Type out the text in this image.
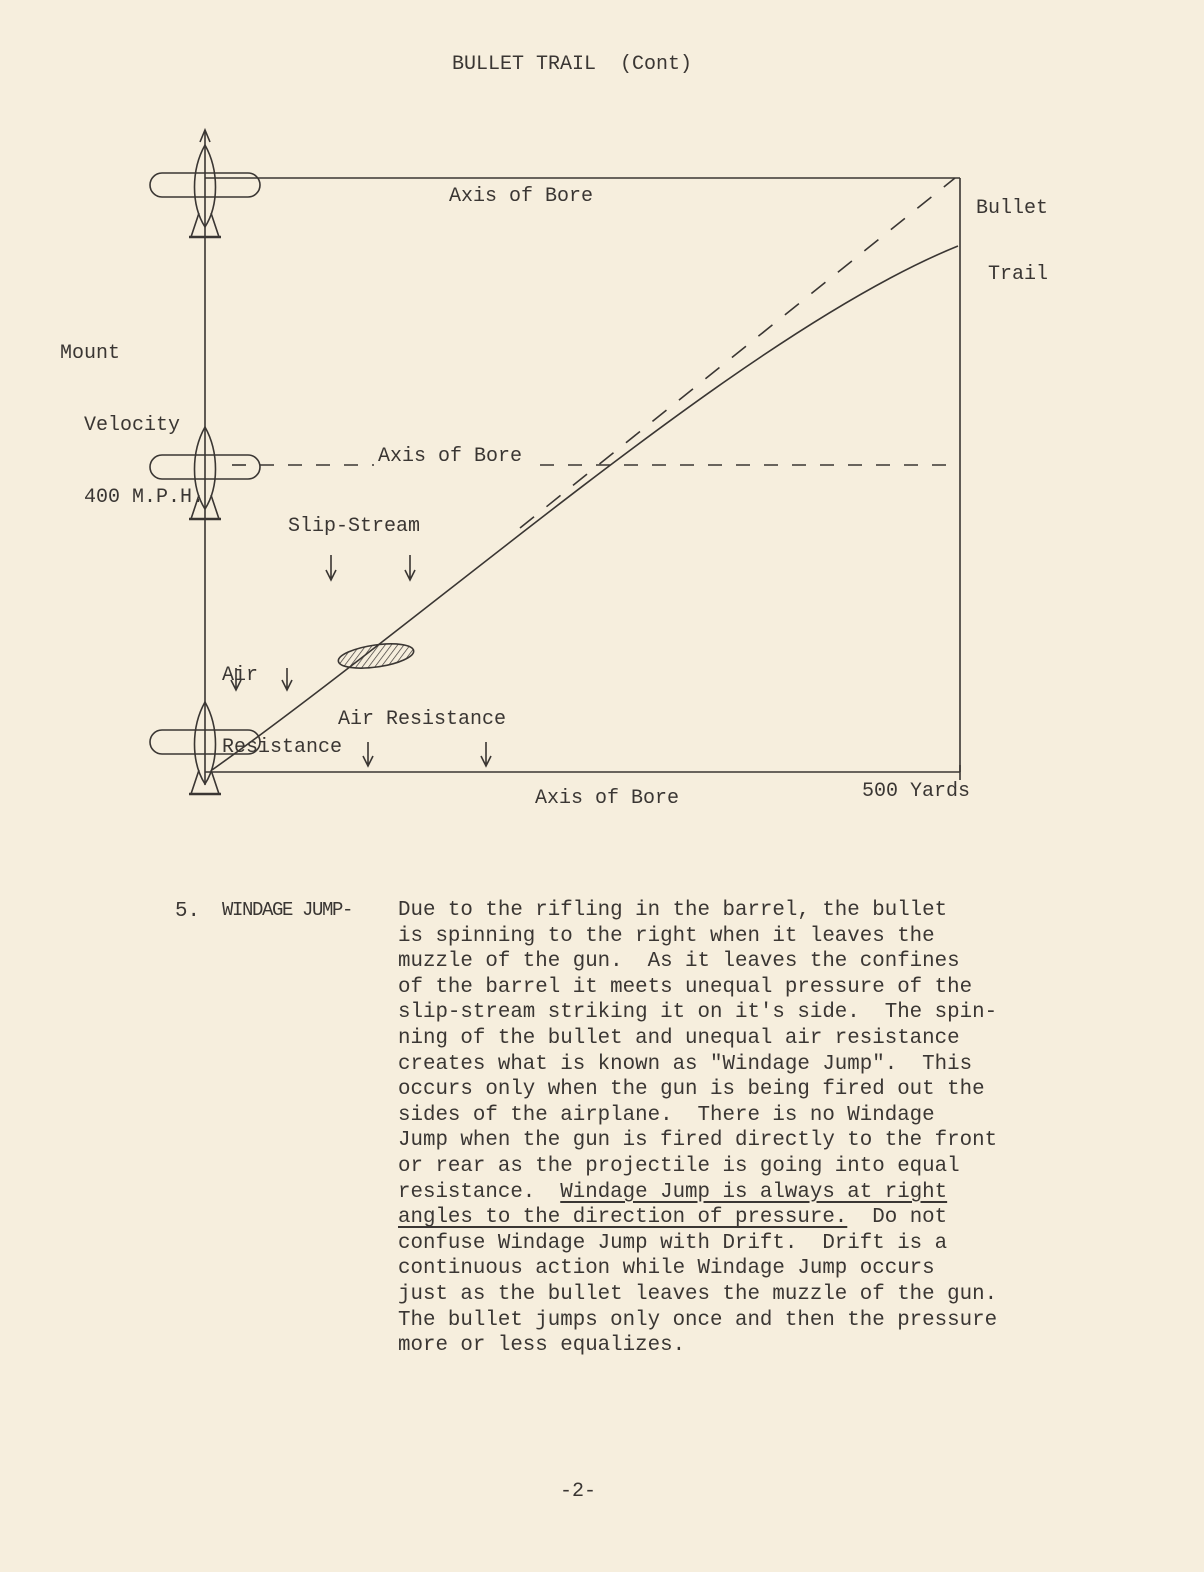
BULLET TRAIL  (Cont)
Axis of Bore

Bullet

Trail

Mount

Velocity

400 M.P.H.

Axis of Bore
Slip-Stream

Air

Resistance

Air Resistance
Axis of Bore	500 Yards
5. WINDAGE JUMP- Due to the rifling in the barrel, the bullet
is spinning to the right when it leaves the
muzzle of the gun.  As it leaves the confines
of the barrel it meets unequal pressure of the
slip-stream striking it on it's side.  The spin-
ning of the bullet and unequal air resistance
creates what is known as "Windage Jump".  This
occurs only when the gun is being fired out the
sides of the airplane.  There is no Windage
Jump when the gun is fired directly to the front
or rear as the projectile is going into equal
resistance.  Windage Jump is always at right
angles to the direction of pressure.  Do not
confuse Windage Jump with Drift.  Drift is a
continuous action while Windage Jump occurs
just as the bullet leaves the muzzle of the gun.
The bullet jumps only once and then the pressure
more or less equalizes.
-2-
